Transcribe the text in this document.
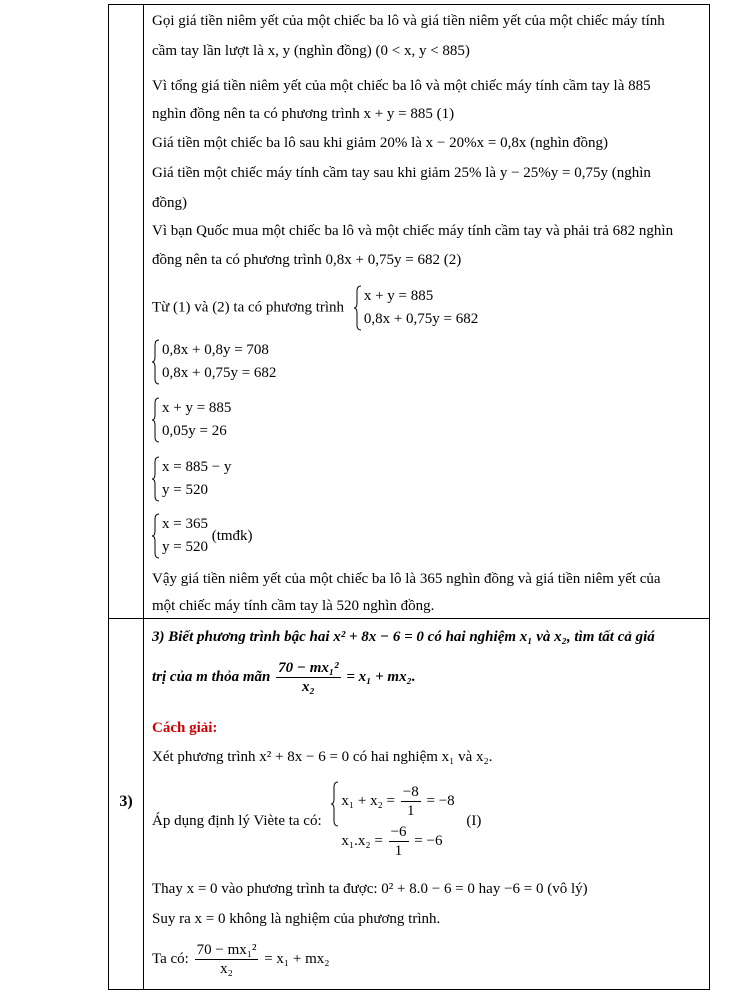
Gọi giá tiền niêm yết của một chiếc ba lô và giá tiền niêm yết của một chiếc máy tính
cầm tay lần lượt là x, y (nghìn đồng) (0 < x, y < 885)
Vì tổng giá tiền niêm yết của một chiếc ba lô và một chiếc máy tính cầm tay là 885
nghìn đồng nên ta có phương trình x + y = 885 (1)
Giá tiền một chiếc ba lô sau khi giảm 20% là x − 20%x = 0,8x (nghìn đồng)
Giá tiền một chiếc máy tính cầm tay sau khi giảm 25% là y − 25%y = 0,75y (nghìn
đồng)
Vì bạn Quốc mua một chiếc ba lô và một chiếc máy tính cầm tay và phải trả 682 nghìn
đồng nên ta có phương trình 0,8x + 0,75y = 682 (2)
Từ (1) và (2) ta có phương trình
x + y = 885
0,8x + 0,75y = 682
0,8x + 0,8y = 708
0,8x + 0,75y = 682
x + y = 885
0,05y = 26
x = 885 − y
y = 520
x = 365
y = 520
(tmđk)
Vậy giá tiền niêm yết của một chiếc ba lô là 365 nghìn đồng và giá tiền niêm yết của
một chiếc máy tính cầm tay là 520 nghìn đồng.
3)
3) Biết phương trình bậc hai x² + 8x − 6 = 0 có hai nghiệm x₁ và x₂, tìm tất cả giá
trị của m thỏa mãn $\frac{\text{70 − mx₁²}}{\text{x₂}} = x_1 + mx_2$.
Cách giải:
Xét phương trình x² + 8x − 6 = 0 có hai nghiệm x₁ và x₂.
Áp dụng định lý Viète ta có:
$x_1 + x_2 = \frac{-8}{1} = -8$
$x_1.x_2 = \frac{-6}{1} = -6$
(I)
Thay x = 0 vào phương trình ta được: 0² + 8.0 − 6 = 0 hay −6 = 0 (vô lý)
Suy ra x = 0 không là nghiệm của phương trình.
Ta có: $\frac{\text{70 − mx₁²}}{\text{x₂}} = x_1 + mx_2$
